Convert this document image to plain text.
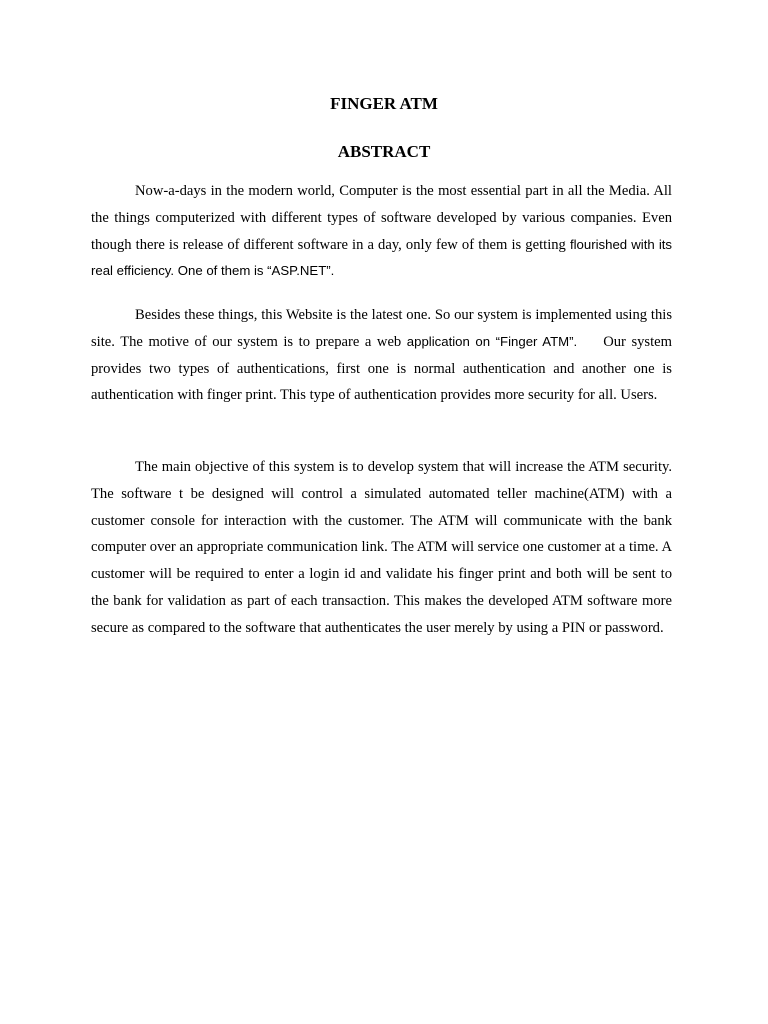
FINGER ATM
ABSTRACT

Now-a-days in the modern world, Computer is the most essential part in all the Media. All the things computerized with different types of software developed by various companies. Even though there is release of different software in a day, only few of them is getting flourished with its real efficiency. One of them is “ASP.NET”.

Besides these things, this Website is the latest one. So our system is implemented using this site. The motive of our system is to prepare a web application on “Finger ATM”. Our system provides two types of authentications, first one is normal authentication and another one is authentication with finger print. This type of authentication provides more security for all. Users.

The main objective of this system is to develop system that will increase the ATM security. The software t be designed will control a simulated automated teller machine(ATM) with a customer console for interaction with the customer. The ATM will communicate with the bank computer over an appropriate communication link. The ATM will service one customer at a time. A customer will be required to enter a login id and validate his finger print and both will be sent to the bank for validation as part of each transaction. This makes the developed ATM software more secure as compared to the software that authenticates the user merely by using a PIN or password.
